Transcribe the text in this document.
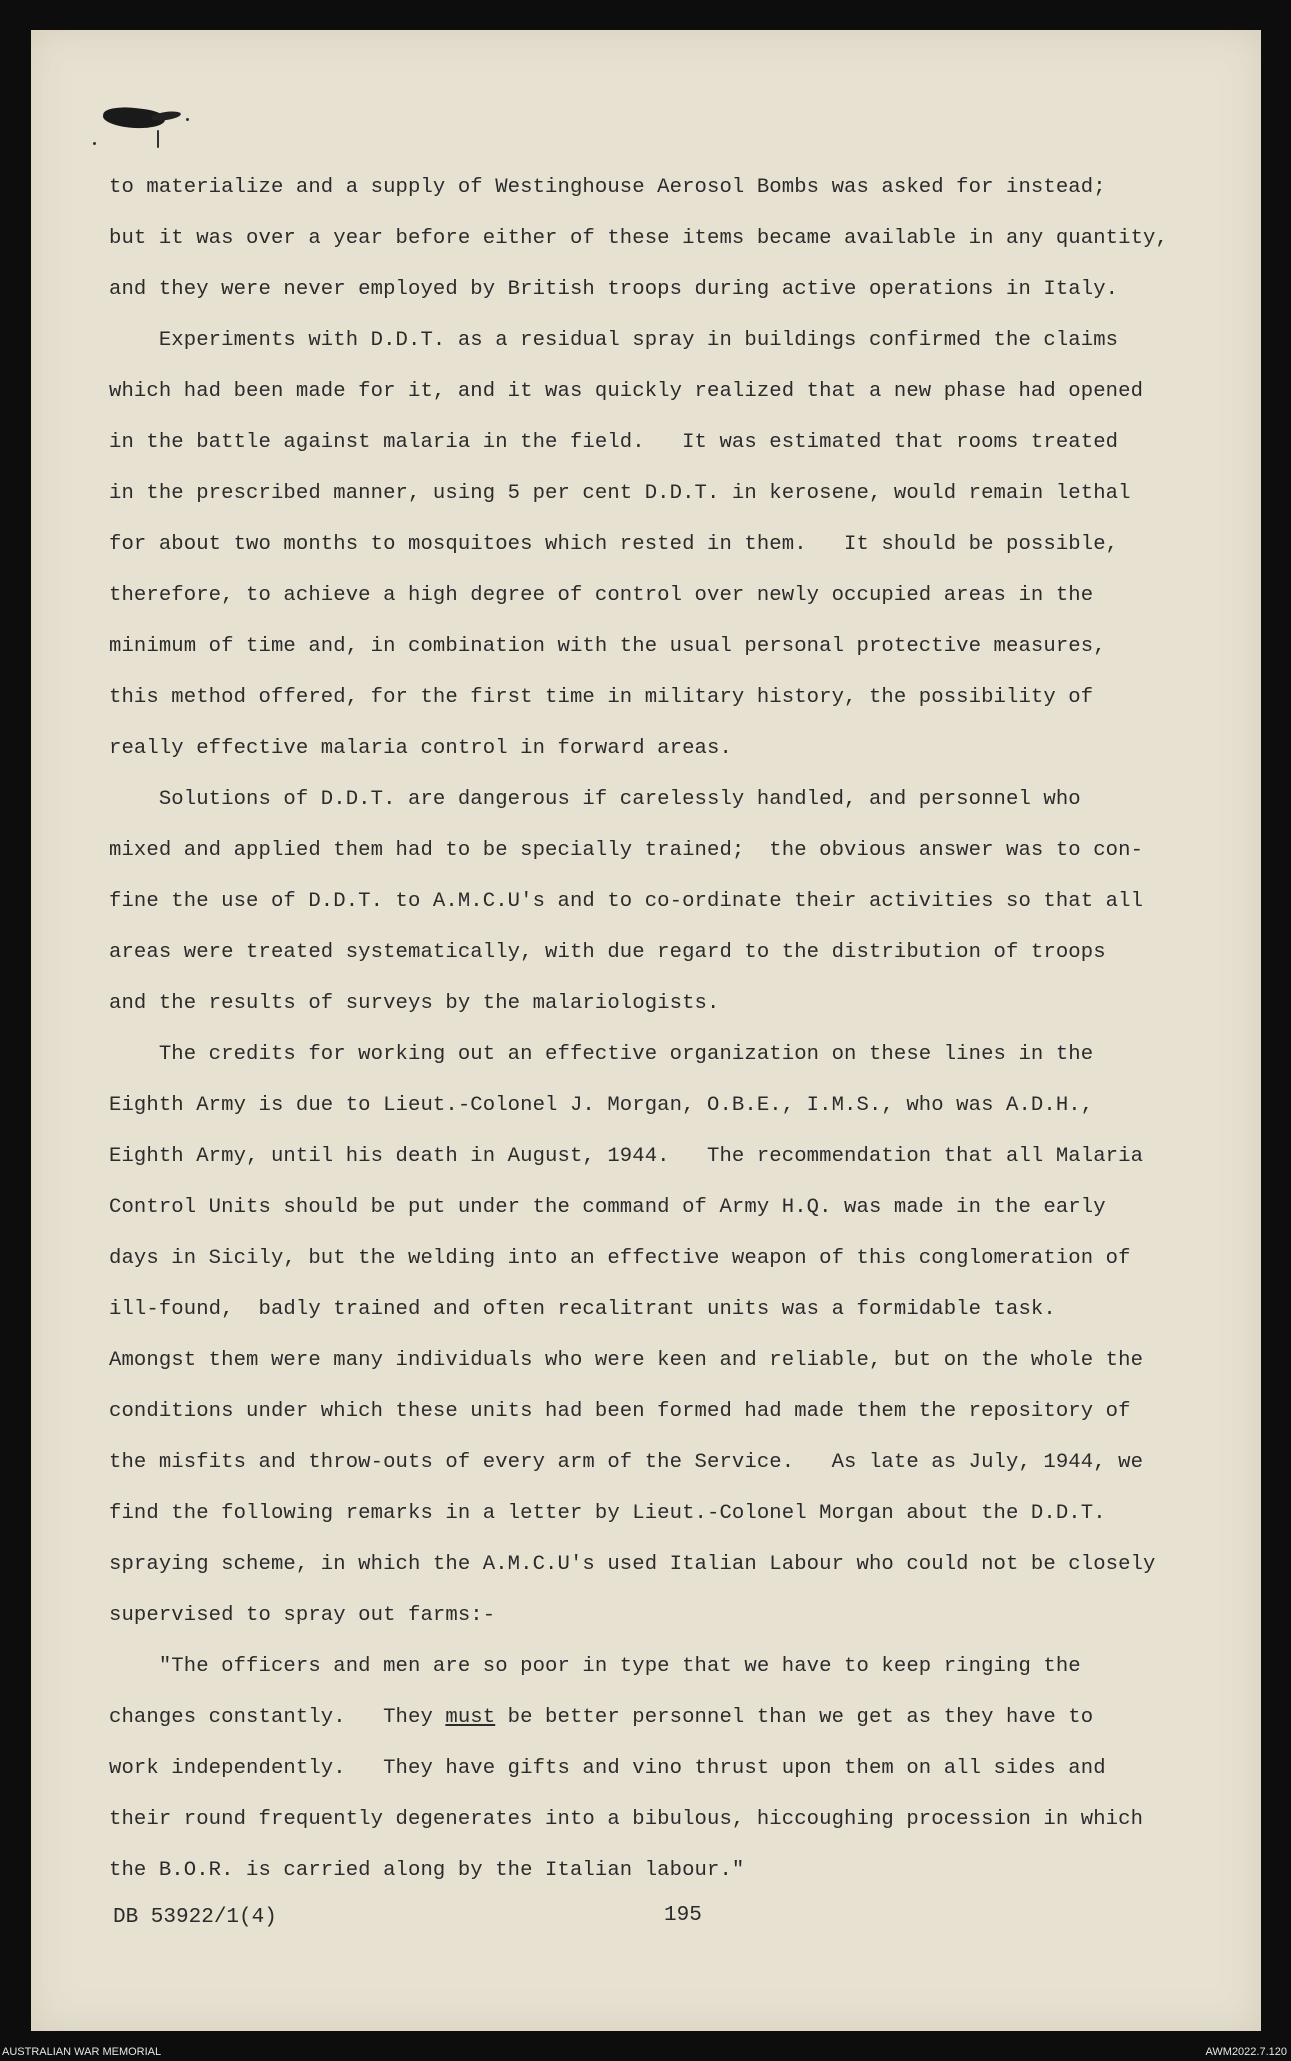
to materialize and a supply of Westinghouse Aerosol Bombs was asked for instead;
but it was over a year before either of these items became available in any quantity,
and they were never employed by British troops during active operations in Italy.
Experiments with D.D.T. as a residual spray in buildings confirmed the claims
which had been made for it, and it was quickly realized that a new phase had opened
in the battle against malaria in the field.   It was estimated that rooms treated
in the prescribed manner, using 5 per cent D.D.T. in kerosene, would remain lethal
for about two months to mosquitoes which rested in them.   It should be possible,
therefore, to achieve a high degree of control over newly occupied areas in the
minimum of time and, in combination with the usual personal protective measures,
this method offered, for the first time in military history, the possibility of
really effective malaria control in forward areas.
Solutions of D.D.T. are dangerous if carelessly handled, and personnel who
mixed and applied them had to be specially trained;  the obvious answer was to con-
fine the use of D.D.T. to A.M.C.U's and to co-ordinate their activities so that all
areas were treated systematically, with due regard to the distribution of troops
and the results of surveys by the malariologists.
The credits for working out an effective organization on these lines in the
Eighth Army is due to Lieut.-Colonel J. Morgan, O.B.E., I.M.S., who was A.D.H.,
Eighth Army, until his death in August, 1944.   The recommendation that all Malaria
Control Units should be put under the command of Army H.Q. was made in the early
days in Sicily, but the welding into an effective weapon of this conglomeration of
ill-found,  badly trained and often recalitrant units was a formidable task.
Amongst them were many individuals who were keen and reliable, but on the whole the
conditions under which these units had been formed had made them the repository of
the misfits and throw-outs of every arm of the Service.   As late as July, 1944, we
find the following remarks in a letter by Lieut.-Colonel Morgan about the D.D.T.
spraying scheme, in which the A.M.C.U's used Italian Labour who could not be closely
supervised to spray out farms:-
"The officers and men are so poor in type that we have to keep ringing the
changes constantly.   They must be better personnel than we get as they have to
work independently.   They have gifts and vino thrust upon them on all sides and
their round frequently degenerates into a bibulous, hiccoughing procession in which
the B.O.R. is carried along by the Italian labour."
DB 53922/1(4)	195
AUSTRALIAN WAR MEMORIAL	AWM2022.7.120
